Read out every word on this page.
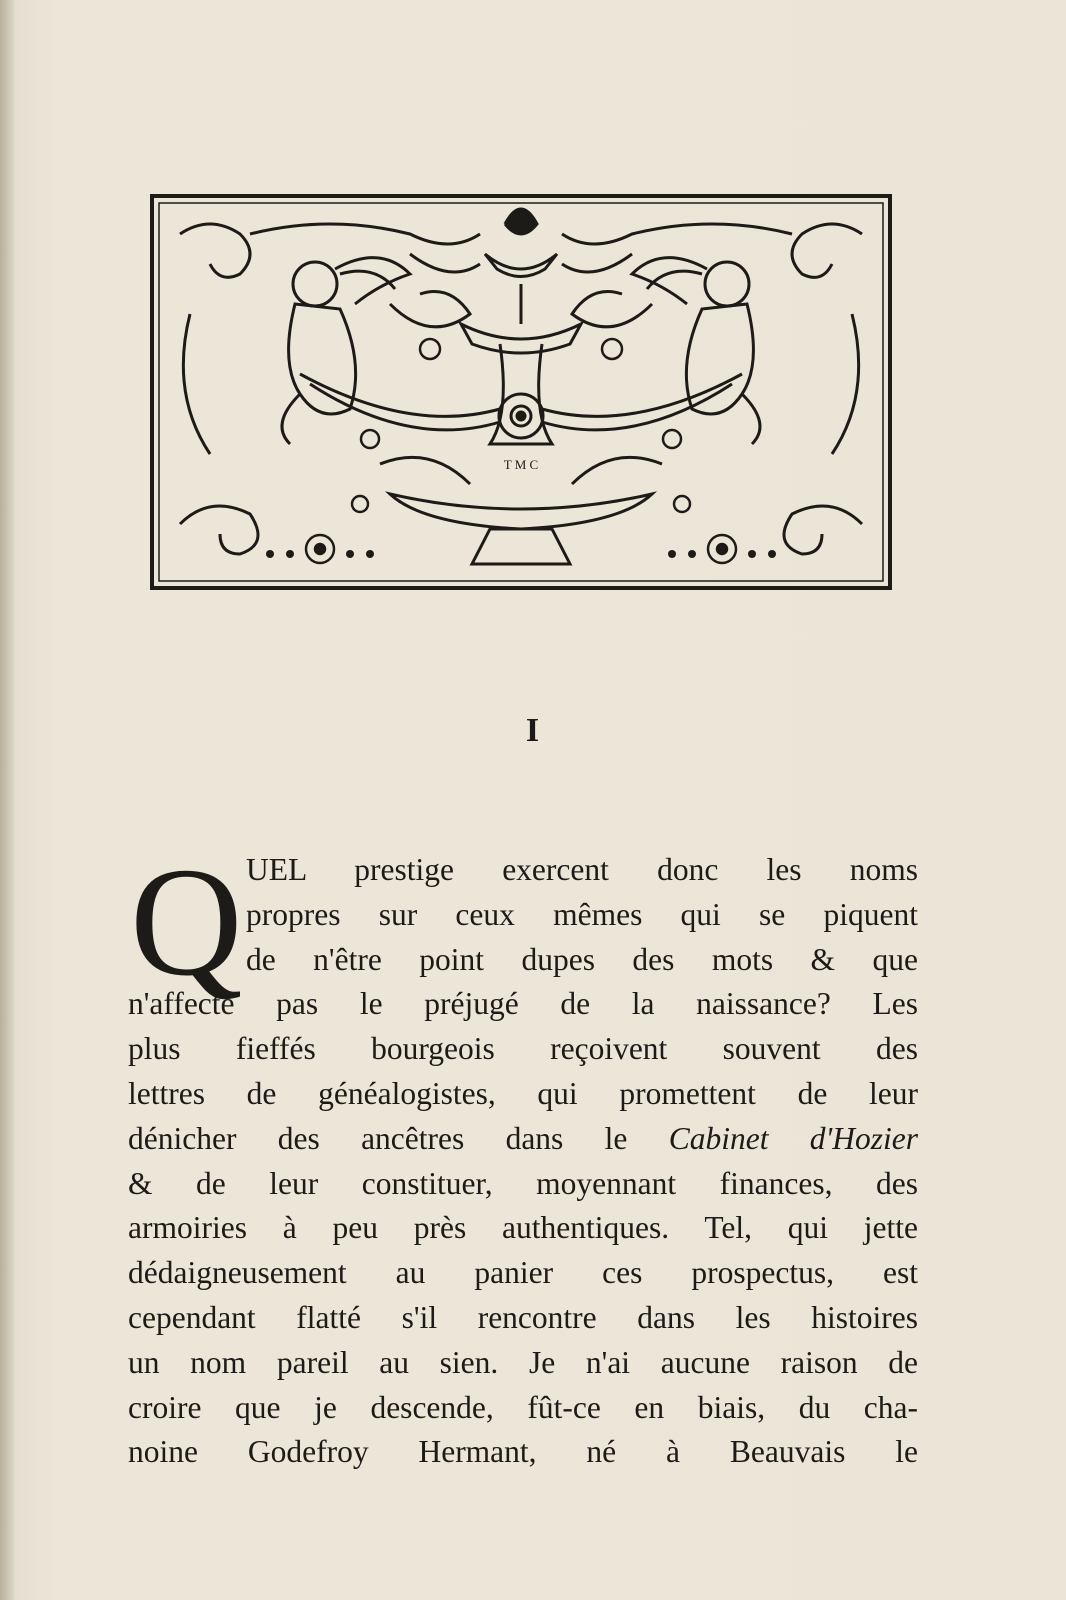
T M C
I
Q UEL prestige exercent donc les noms
propres sur ceux mêmes qui se piquent
de n'être point dupes des mots & que
n'affecte pas le préjugé de la naissance? Les
plus fieffés bourgeois reçoivent souvent des
lettres de généalogistes, qui promettent de leur
dénicher des ancêtres dans le Cabinet d'Hozier
& de leur constituer, moyennant finances, des
armoiries à peu près authentiques. Tel, qui jette
dédaigneusement au panier ces prospectus, est
cependant flatté s'il rencontre dans les histoires
un nom pareil au sien. Je n'ai aucune raison de
croire que je descende, fût-ce en biais, du cha-
noine Godefroy Hermant, né à Beauvais le
